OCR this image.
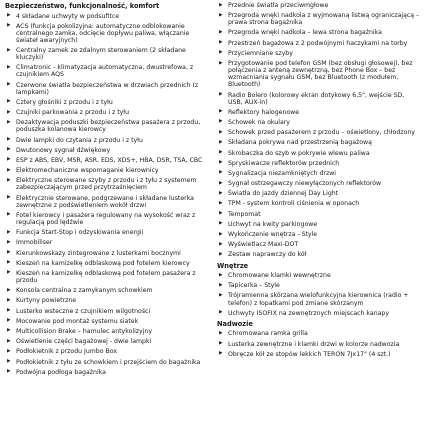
Bezpieczeństwo, funkcjonalność, komfort
▶ 4 składane uchwyty w podsufitce
▶ ACS (funkcja pokolizyjna: automatyczne odblokowanie centralnego zamka, odcięcie dopływu paliwa, włączanie świateł awaryjnych)
▶ Centralny zamek ze zdalnym sterowaniem (2 składane kluczyki)
▶ Climatronic - klimatyzacja automatyczna, dwustrefowa, z czujnikiem AQS
▶ Czerwone światła bezpieczeństwa w drzwiach przednich (z lampkami)
▶ Cztery głośniki z przodu i z tyłu
▶ Czujniki parkowania z przodu i z tyłu
▶ Dezaktywacja poduszki bezpieczeństwa pasażera z przodu, poduszka kolanowa kierowcy
▶ Dwie lampki do czytania z przodu i z tyłu
▶ Dwutonowy sygnał dźwiękowy
▶ ESP z ABS, EBV, MSR, ASR, EDS, XDS+, HBA, DSR, TSA, CBC
▶ Elektromechaniczne wspomaganie kierownicy
▶ Elektryczne sterowane szyby z przodu i z tyłu z systemem zabezpieczającym przed przytrzaśnięciem
▶ Elektrycznie sterowane, podgrzewane i składane lusterka zewnętrzne z podświetleniem wokół drzwi
▶ Fotel kierowcy i pasażera regulowany na wysokość wraz z regulacją pod lędźwie
▶ Funkcja Start-Stop i odzyskiwania energii
▶ Immobiliser
▶ Kierunkowskazy zintegrowane z lusterkami bocznymi
▶ Kieszeń na kamizelkę odblaskową pod fotelem kierowcy
▶ Kieszeń na kamizelkę odblaskową pod fotelem pasażera z przodu
▶ Konsola centralna z zamykanym schowkiem
▶ Kurtyny powietrzne
▶ Lusterko wsteczne z czujnikiem wilgotności
▶ Mocowanie pod montaż systemu siatek
▶ Multicollision Brake – hamulec antykolizyjny
▶ Oświetlenie części bagażowej - dwie lampki
▶ Podłokietnik z przodu Jumbo Box
▶ Podłokietnik z tyłu ze schowkiem i przejściem do bagażnika
▶ Podwójna podłoga bagażnika
▶ Przednie światła przeciwmgłowe
▶ Przegroda wnęki nadkola z wyjmowaną listwą ograniczającą – prawa strona bagażnika
▶ Przegroda wnęki nadkola – lewa strona bagażnika
▶ Przestrzeń bagażowa z 2 podwójnymi haczykami na torby
▶ Przyciemniane szyby
▶ Przygotowanie pod telefon GSM (bez obsługi głosowej), bez połączenia z anteną zewnętrzną, bez Phone Box – bez wzmacniania sygnału GSM, bez Bluetooth (z modułem, Bluetooth)
▶ Radio Bolero (kolorowy ekran dotykowy 6,5", wejście SD, USB, AUX-in)
▶ Reflektory halogenowe
▶ Schowek na okulary
▶ Schowek przed pasażerem z przodu – oświetlony, chłodzony
▶ Składana pokrywa nad przestrzenią bagażową
▶ Skrobaczka do szyb w pokrywie wlewu paliwa
▶ Spryskiwacze reflektorów przednich
▶ Sygnalizacja niezamkniętych drzwi
▶ Sygnał ostrzegawczy niewyłączonych reflektorów
▶ Światła do jazdy dziennej Day Light
▶ TPM - system kontroli ciśnienia w oponach
▶ Tempomat
▶ Uchwyt na kwity parkingowe
▶ Wykończenie wnętrza - Style
▶ Wyświetlacz Maxi-DOT
▶ Zestaw naprawczy do kół
Wnętrze
▶ Chromowane klamki wewnętrzne
▶ Tapicerka – Style
▶ Trójramienna skórzana wielofunkcyjna kierownica (radio + telefon) z łopatkami pod zmiane skórzanym
▶ Uchwyty ISOFIX na zewnętrznych miejscach kanapy
Nadwozie
▶ Chromowana ramka grilla
▶ Lusterka zewnętrzne i klamki drzwi w kolorze nadwozia
▶ Obręcze kół ze stopów lekkich TERON 7Jx17" (4 szt.)
